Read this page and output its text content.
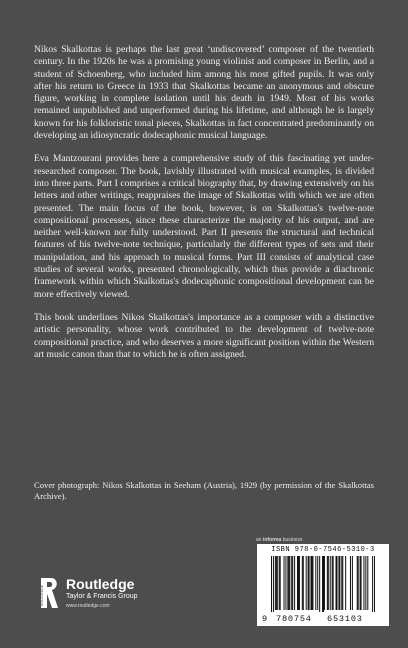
Nikos Skalkottas is perhaps the last great ‘undiscovered’ composer of the twentieth century. In the 1920s he was a promising young violinist and composer in Berlin, and a student of Schoenberg, who included him among his most gifted pupils. It was only after his return to Greece in 1933 that Skalkottas became an anonymous and obscure figure, working in complete isolation until his death in 1949. Most of his works remained unpublished and unperformed during his lifetime, and although he is largely known for his folkloristic tonal pieces, Skalkottas in fact concentrated predominantly on developing an idiosyncratic dodecaphonic musical language.

Eva Mantzourani provides here a comprehensive study of this fascinating yet under-researched composer. The book, lavishly illustrated with musical examples, is divided into three parts. Part I comprises a critical biography that, by drawing extensively on his letters and other writings, reappraises the image of Skalkottas with which we are often presented. The main focus of the book, however, is on Skalkottas's twelve-note compositional processes, since these characterize the majority of his output, and are neither well-known nor fully understood. Part II presents the structural and technical features of his twelve-note technique, particularly the different types of sets and their manipulation, and his approach to musical forms. Part III consists of analytical case studies of several works, presented chronologically, which thus provide a diachronic framework within which Skalkottas's dodecaphonic compositional development can be more effectively viewed.

This book underlines Nikos Skalkottas's importance as a composer with a distinctive artistic personality, whose work contributed to the development of twelve-note compositional practice, and who deserves a more significant position within the Western art music canon than that to which he is often assigned.

Cover photograph: Nikos Skalkottas in Seeham (Austria), 1929 (by permission of the Skalkottas Archive).
an informa business
ISBN 978-0-7546-5310-3
9 780754 653103
ROUTLEDGE
Routledge
Taylor & Francis Group
www.routledge.com
